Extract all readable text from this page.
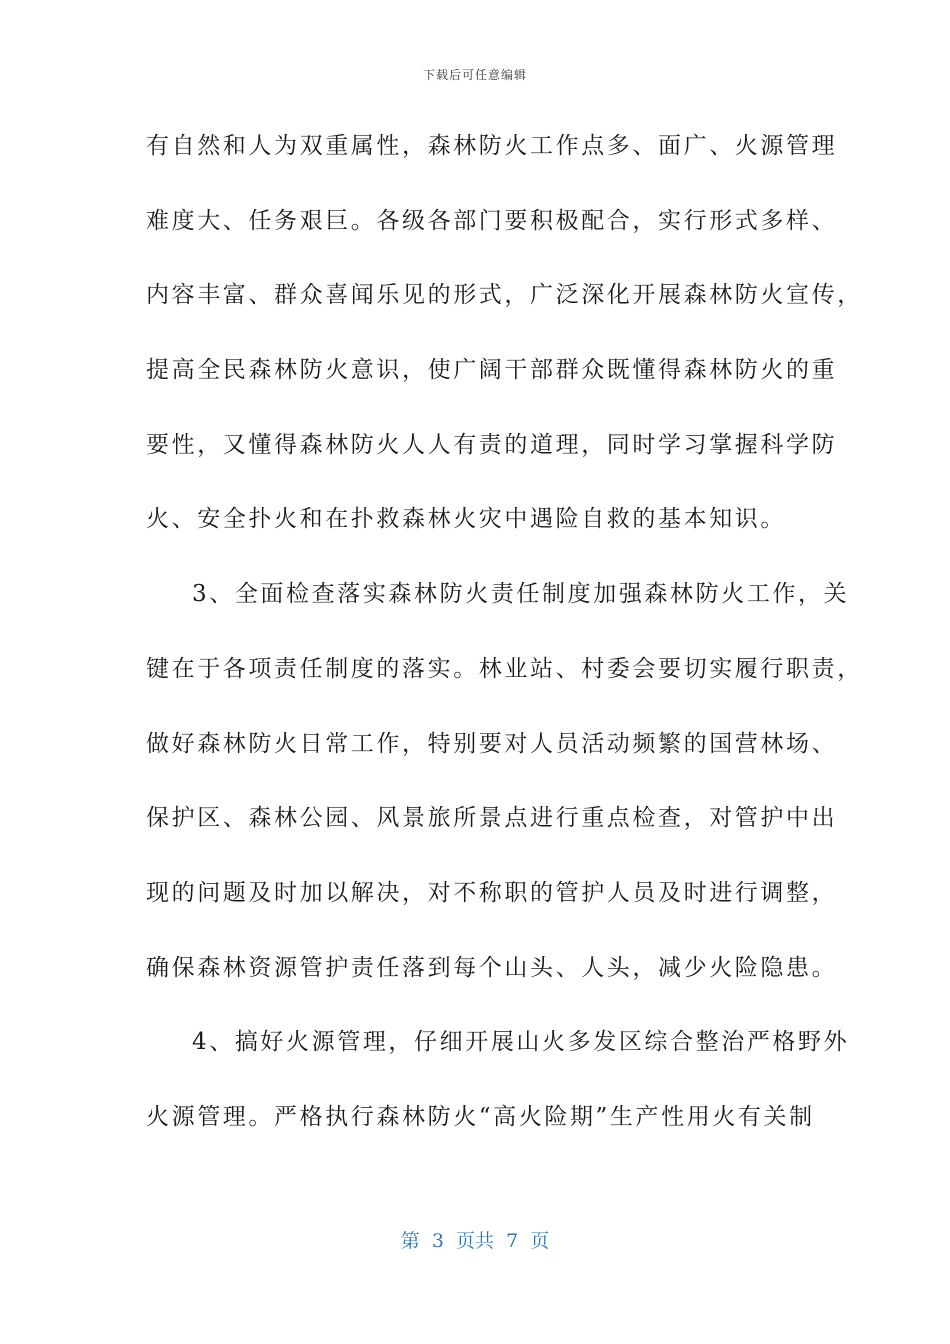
下载后可任意编辑
有自然和人为双重属性，森林防火工作点多、面广、火源管理
难度大、任务艰巨。各级各部门要积极配合，实行形式多样、
内容丰富、群众喜闻乐见的形式，广泛深化开展森林防火宣传，
提高全民森林防火意识，使广阔干部群众既懂得森林防火的重
要性，又懂得森林防火人人有责的道理，同时学习掌握科学防
火、安全扑火和在扑救森林火灾中遇险自救的基本知识。
3、全面检查落实森林防火责任制度加强森林防火工作，关
键在于各项责任制度的落实。林业站、村委会要切实履行职责，
做好森林防火日常工作，特别要对人员活动频繁的国营林场、
保护区、森林公园、风景旅所景点进行重点检查，对管护中出
现的问题及时加以解决，对不称职的管护人员及时进行调整，
确保森林资源管护责任落到每个山头、人头，减少火险隐患。
4、搞好火源管理，仔细开展山火多发区综合整治严格野外
火源管理。严格执行森林防火“高火险期”生产性用火有关制
第  3  页共  7  页
